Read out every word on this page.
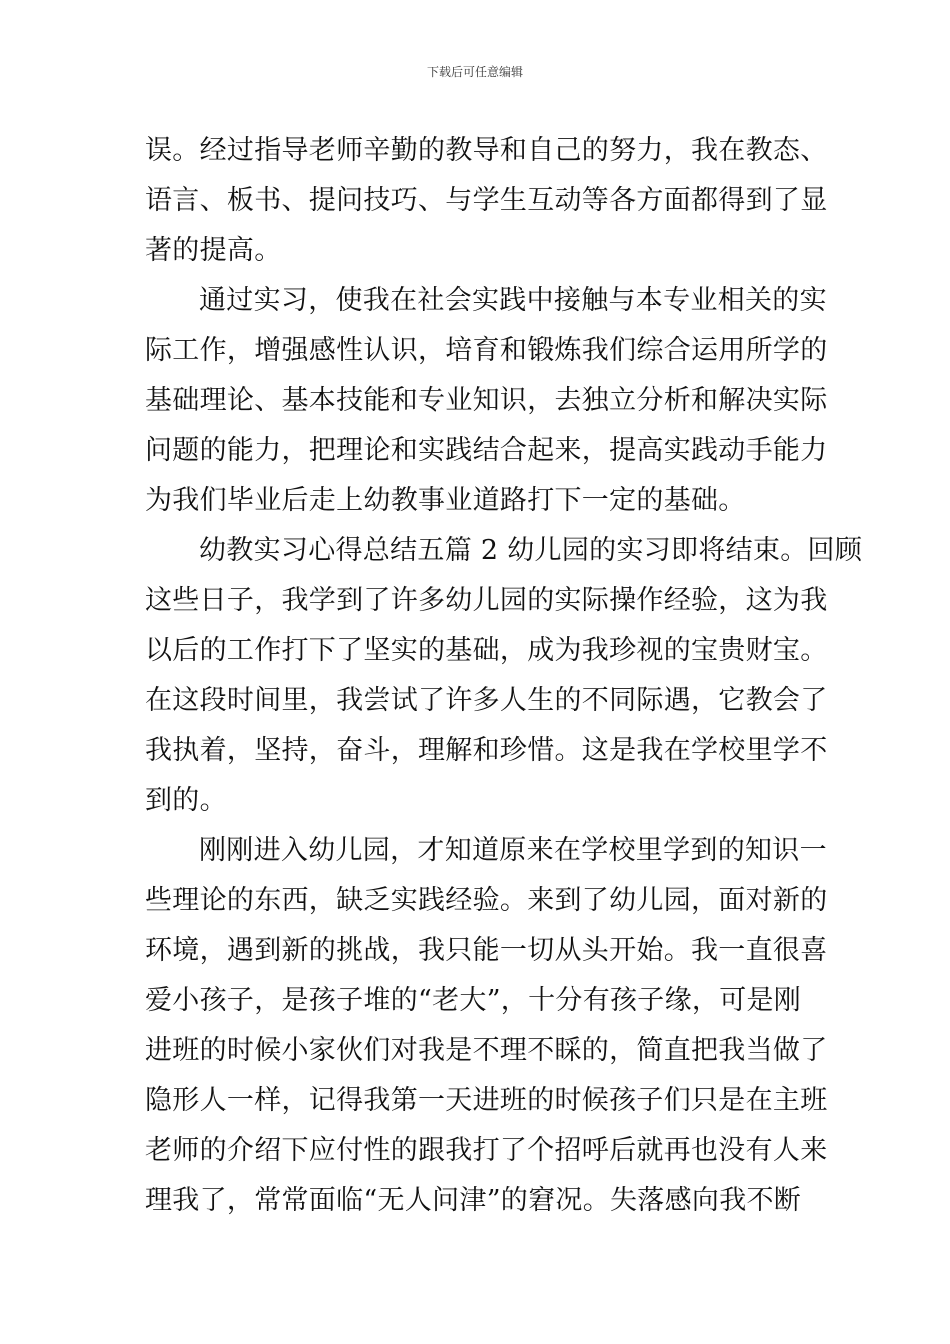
下载后可任意编辑
误。经过指导老师辛勤的教导和自己的努力，我在教态、
语言、板书、提问技巧、与学生互动等各方面都得到了显
著的提高。
通过实习，使我在社会实践中接触与本专业相关的实
际工作，增强感性认识，培育和锻炼我们综合运用所学的
基础理论、基本技能和专业知识，去独立分析和解决实际
问题的能力，把理论和实践结合起来，提高实践动手能力
为我们毕业后走上幼教事业道路打下一定的基础。
幼教实习心得总结五篇 2 幼儿园的实习即将结束。回顾
这些日子，我学到了许多幼儿园的实际操作经验，这为我
以后的工作打下了坚实的基础，成为我珍视的宝贵财宝。
在这段时间里，我尝试了许多人生的不同际遇，它教会了
我执着，坚持，奋斗，理解和珍惜。这是我在学校里学不
到的。
刚刚进入幼儿园，才知道原来在学校里学到的知识一
些理论的东西，缺乏实践经验。来到了幼儿园，面对新的
环境，遇到新的挑战，我只能一切从头开始。我一直很喜
爱小孩子，是孩子堆的“老大”，十分有孩子缘，可是刚
进班的时候小家伙们对我是不理不睬的，简直把我当做了
隐形人一样，记得我第一天进班的时候孩子们只是在主班
老师的介绍下应付性的跟我打了个招呼后就再也没有人来
理我了，常常面临“无人问津”的窘况。失落感向我不断
